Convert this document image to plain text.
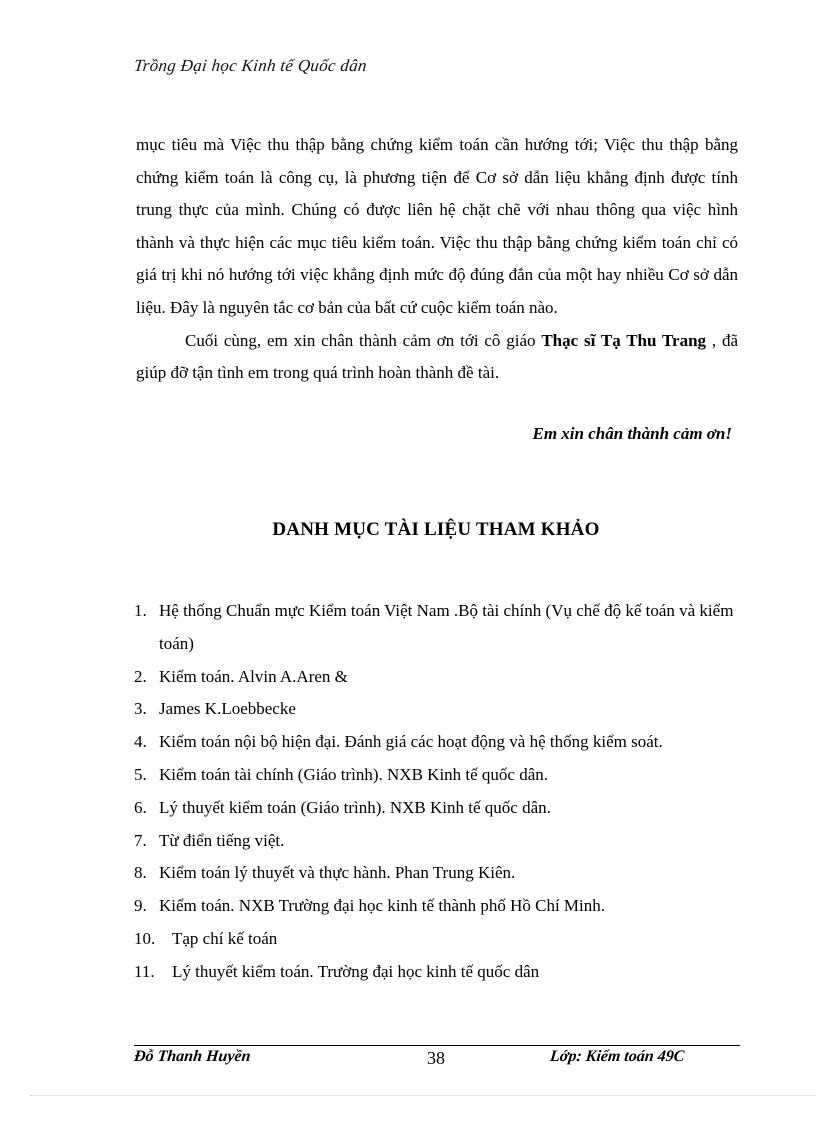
Trồng Đại học Kinh tế Quốc dân

mục tiêu mà Việc thu thập bằng chứng kiểm toán cần hướng tới; Việc thu thập bằng chứng kiểm toán là công cụ, là phương tiện để Cơ sở dẫn liệu khẳng định được tính trung thực của mình. Chúng có được liên hệ chặt chẽ với nhau thông qua việc hình thành và thực hiện các mục tiêu kiểm toán. Việc thu thập bằng chứng kiểm toán chỉ có giá trị khi nó hướng tới việc khẳng định mức độ đúng đắn của một hay nhiều Cơ sở dẫn liệu. Đây là nguyên tắc cơ bản của bất cứ cuộc kiểm toán nào.

Cuối cùng, em xin chân thành cảm ơn tới cô giáo Thạc sĩ Tạ Thu Trang , đã giúp đỡ tận tình em trong quá trình hoàn thành đề tài.

Em xin chân thành cảm ơn!
DANH MỤC TÀI LIỆU THAM KHẢO
1. Hệ thống Chuẩn mực Kiểm toán Việt Nam .Bộ tài chính (Vụ chế độ kế toán và kiểm toán)
2. Kiểm toán. Alvin A.Aren &
3. James K.Loebbecke
4. Kiểm toán nội bộ hiện đại. Đánh giá các hoạt động và hệ thống kiểm soát.
5. Kiểm toán tài chính (Giáo trình). NXB Kinh tế quốc dân.
6. Lý thuyết kiểm toán (Giáo trình). NXB Kinh tế quốc dân.
7. Từ điển tiếng việt.
8. Kiểm toán lý thuyết và thực hành. Phan Trung Kiên.
9. Kiểm toán. NXB Trường đại học kinh tế thành phố Hồ Chí Minh.
10. Tạp chí kế toán
11.	Lý thuyết kiểm toán. Trường đại học kinh tế quốc dân
Đỗ Thanh Huyền	38	Lớp: Kiểm toán 49C
